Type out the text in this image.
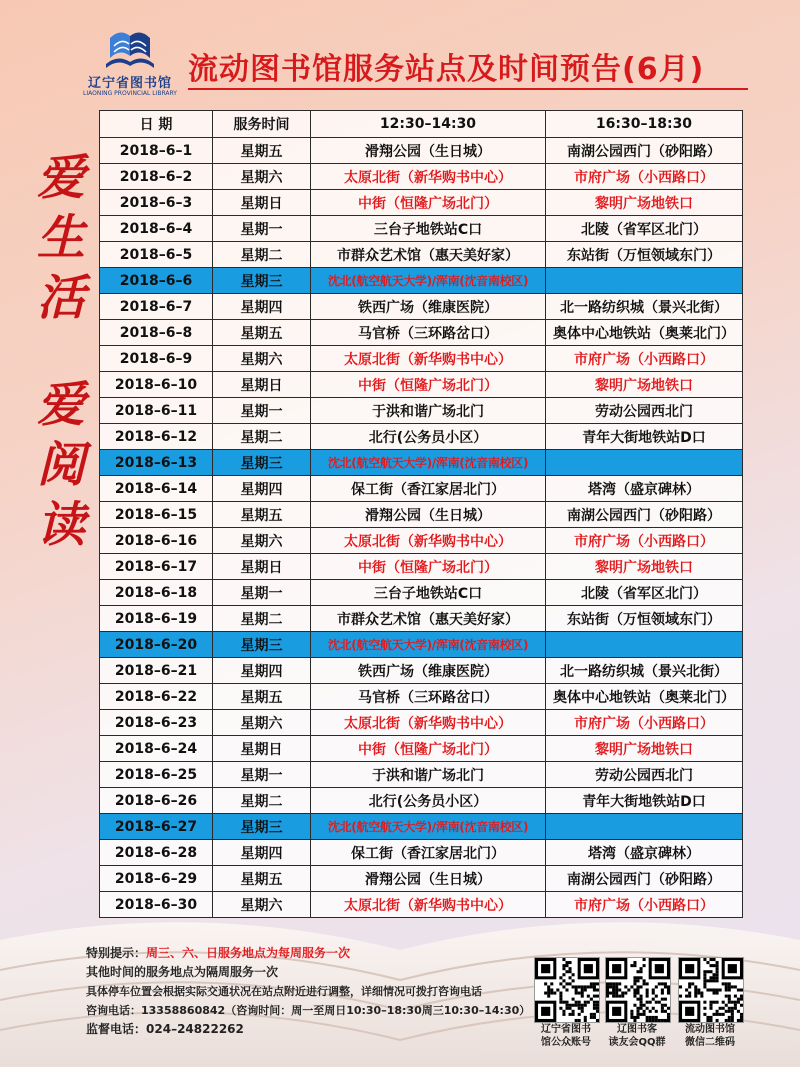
辽宁省图书馆
LIAONING PROVINCIAL LIBRARY
流动图书馆服务站点及时间预告(6月)
爱
生
活
爱
阅
读
日 期	服务时间	12:30–14:30	16:30–18:30
2018–6–1	星期五	滑翔公园（生日城）	南湖公园西门（砂阳路）
2018–6–2	星期六	太原北街（新华购书中心）	市府广场（小西路口）
2018–6–3	星期日	中街（恒隆广场北门）	黎明广场地铁口
2018–6–4	星期一	三台子地铁站C口	北陵（省军区北门）
2018–6–5	星期二	市群众艺术馆（惠天美好家）	东站街（万恒领域东门）
2018–6–6	星期三	沈北(航空航天大学)/浑南(沈音南校区)	
2018–6–7	星期四	铁西广场（维康医院）	北一路纺织城（景兴北街）
2018–6–8	星期五	马官桥（三环路岔口）	奥体中心地铁站（奥莱北门）
2018–6–9	星期六	太原北街（新华购书中心）	市府广场（小西路口）
2018–6–10	星期日	中街（恒隆广场北门）	黎明广场地铁口
2018–6–11	星期一	于洪和谐广场北门	劳动公园西北门
2018–6–12	星期二	北行(公务员小区）	青年大街地铁站D口
2018–6–13	星期三	沈北(航空航天大学)/浑南(沈音南校区)	
2018–6–14	星期四	保工街（香江家居北门）	塔湾（盛京碑林）
2018–6–15	星期五	滑翔公园（生日城）	南湖公园西门（砂阳路）
2018–6–16	星期六	太原北街（新华购书中心）	市府广场（小西路口）
2018–6–17	星期日	中街（恒隆广场北门）	黎明广场地铁口
2018–6–18	星期一	三台子地铁站C口	北陵（省军区北门）
2018–6–19	星期二	市群众艺术馆（惠天美好家）	东站街（万恒领域东门）
2018–6–20	星期三	沈北(航空航天大学)/浑南(沈音南校区)	
2018–6–21	星期四	铁西广场（维康医院）	北一路纺织城（景兴北街）
2018–6–22	星期五	马官桥（三环路岔口）	奥体中心地铁站（奥莱北门）
2018–6–23	星期六	太原北街（新华购书中心）	市府广场（小西路口）
2018–6–24	星期日	中街（恒隆广场北门）	黎明广场地铁口
2018–6–25	星期一	于洪和谐广场北门	劳动公园西北门
2018–6–26	星期二	北行(公务员小区）	青年大街地铁站D口
2018–6–27	星期三	沈北(航空航天大学)/浑南(沈音南校区)	
2018–6–28	星期四	保工街（香江家居北门）	塔湾（盛京碑林）
2018–6–29	星期五	滑翔公园（生日城）	南湖公园西门（砂阳路）
2018–6–30	星期六	太原北街（新华购书中心）	市府广场（小西路口）
特别提示：周三、六、日服务地点为每周服务一次
其他时间的服务地点为隔周服务一次
具体停车位置会根据实际交通状况在站点附近进行调整，详细情况可拨打咨询电话
咨询电话：13358860842（咨询时间：周一至周日10:30–18:30周三10:30–14:30）
监督电话：024–24822262	辽宁省图书
馆公众账号
辽图书客
读友会QQ群
流动图书馆
微信二维码
